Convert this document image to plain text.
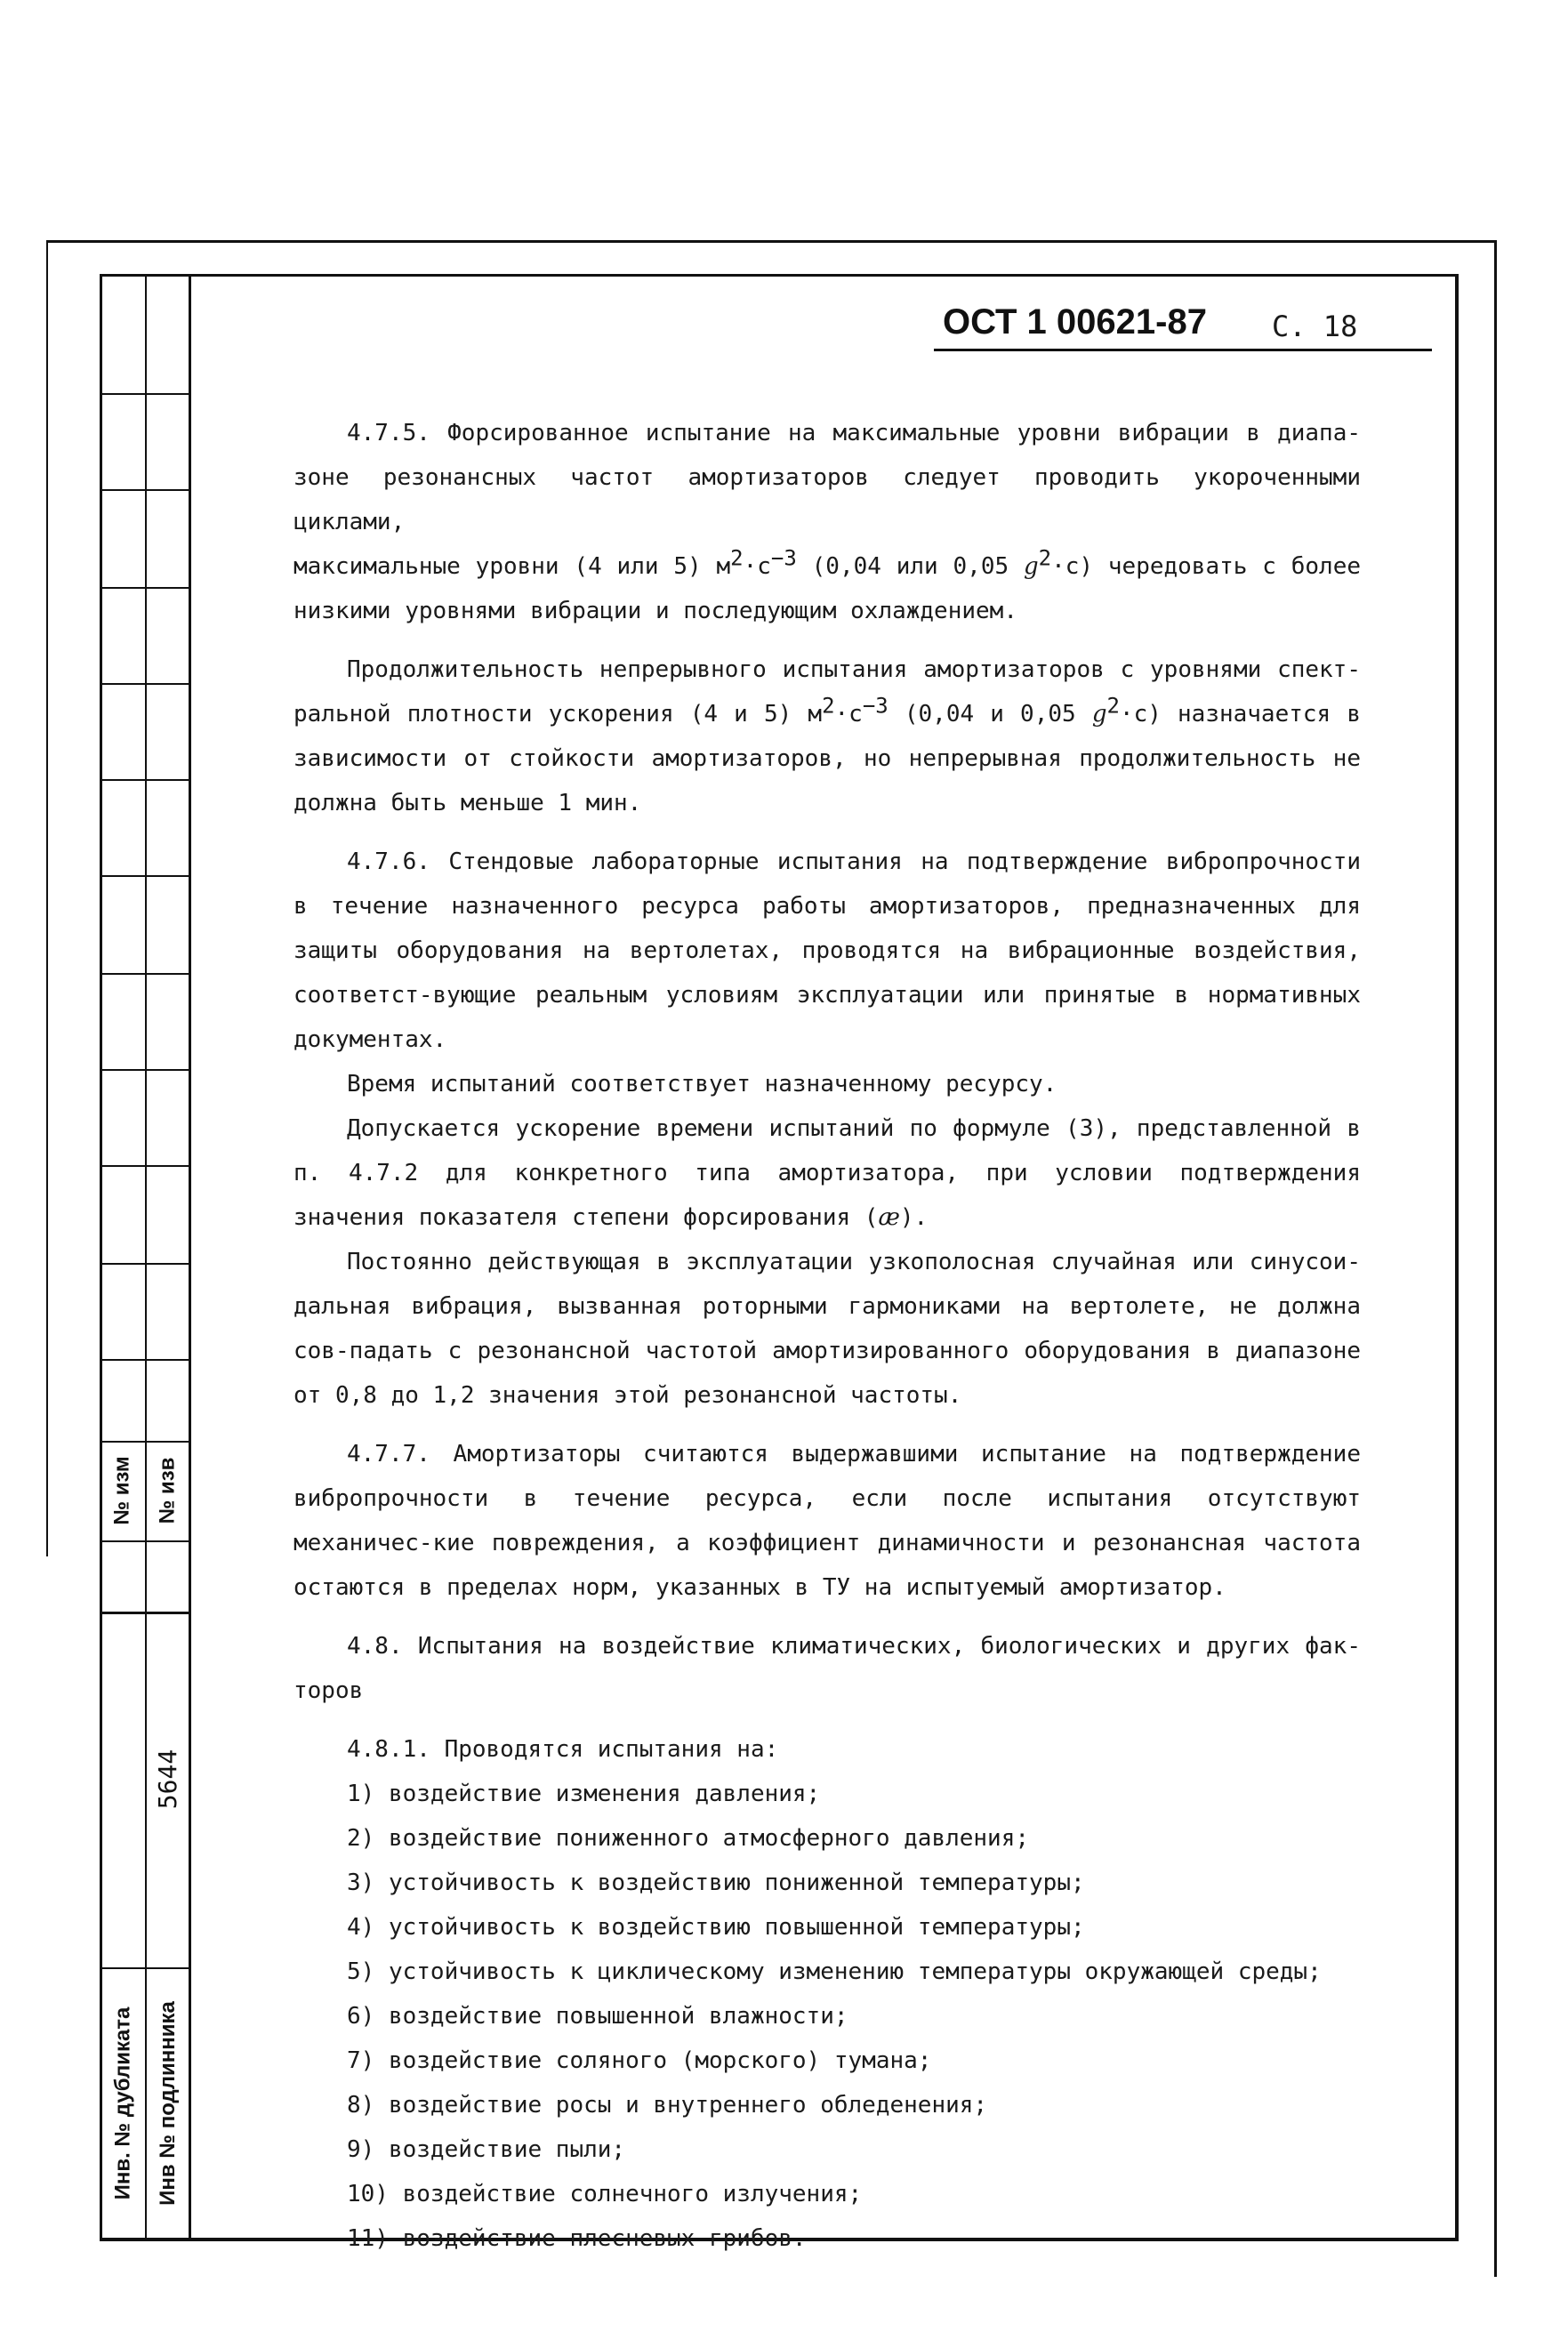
№ изм № изв
5644
Инв. № дубликата Инв № подлинника
ОСТ 1 00621-87 С. 18

4.7.5. Форсированное испытание на максимальные уровни вибрации в диапа-зоне резонансных частот амортизаторов следует проводить укороченными циклами,

максимальные уровни (4 или 5) $м^2\cdot с^{-3}$ (0,04 или 0,05 $g^2\cdot с$) чередовать с более низкими уровнями вибрации и последующим охлаждением.

Продолжительность непрерывного испытания амортизаторов с уровнями спект-ральной плотности ускорения (4 и 5) $м^2\cdot с^{-3}$ (0,04 и 0,05 $g^2\cdot с$) назначается в зависимости от стойкости амортизаторов, но непрерывная продолжительность не должна быть меньше 1 мин.

4.7.6. Стендовые лабораторные испытания на подтверждение вибропрочности в течение назначенного ресурса работы амортизаторов, предназначенных для защиты оборудования на вертолетах, проводятся на вибрационные воздействия, соответст-вующие реальным условиям эксплуатации или принятые в нормативных документах.

Время испытаний соответствует назначенному ресурсу.

Допускается ускорение времени испытаний по формуле (3), представленной в п. 4.7.2 для конкретного типа амортизатора, при условии подтверждения значения показателя степени форсирования (æ).

Постоянно действующая в эксплуатации узкополосная случайная или синусои-дальная вибрация, вызванная роторными гармониками на вертолете, не должна сов-падать с резонансной частотой амортизированного оборудования в диапазоне от 0,8 до 1,2 значения этой резонансной частоты.

4.7.7. Амортизаторы считаются выдержавшими испытание на подтверждение вибропрочности в течение ресурса, если после испытания отсутствуют механичес-кие повреждения, а коэффициент динамичности и резонансная частота остаются в пределах норм, указанных в ТУ на испытуемый амортизатор.

4.8. Испытания на воздействие климатических, биологических и других фак-торов

4.8.1. Проводятся испытания на:

1) воздействие изменения давления;
2) воздействие пониженного атмосферного давления;
3) устойчивость к воздействию пониженной температуры;
4) устойчивость к воздействию повышенной температуры;
5) устойчивость к циклическому изменению температуры окружающей среды;
6) воздействие повышенной влажности;
7) воздействие соляного (морского) тумана;
8) воздействие росы и внутреннего обледенения;
9) воздействие пыли;
10) воздействие солнечного излучения;
11) воздействие плесневых грибов.
